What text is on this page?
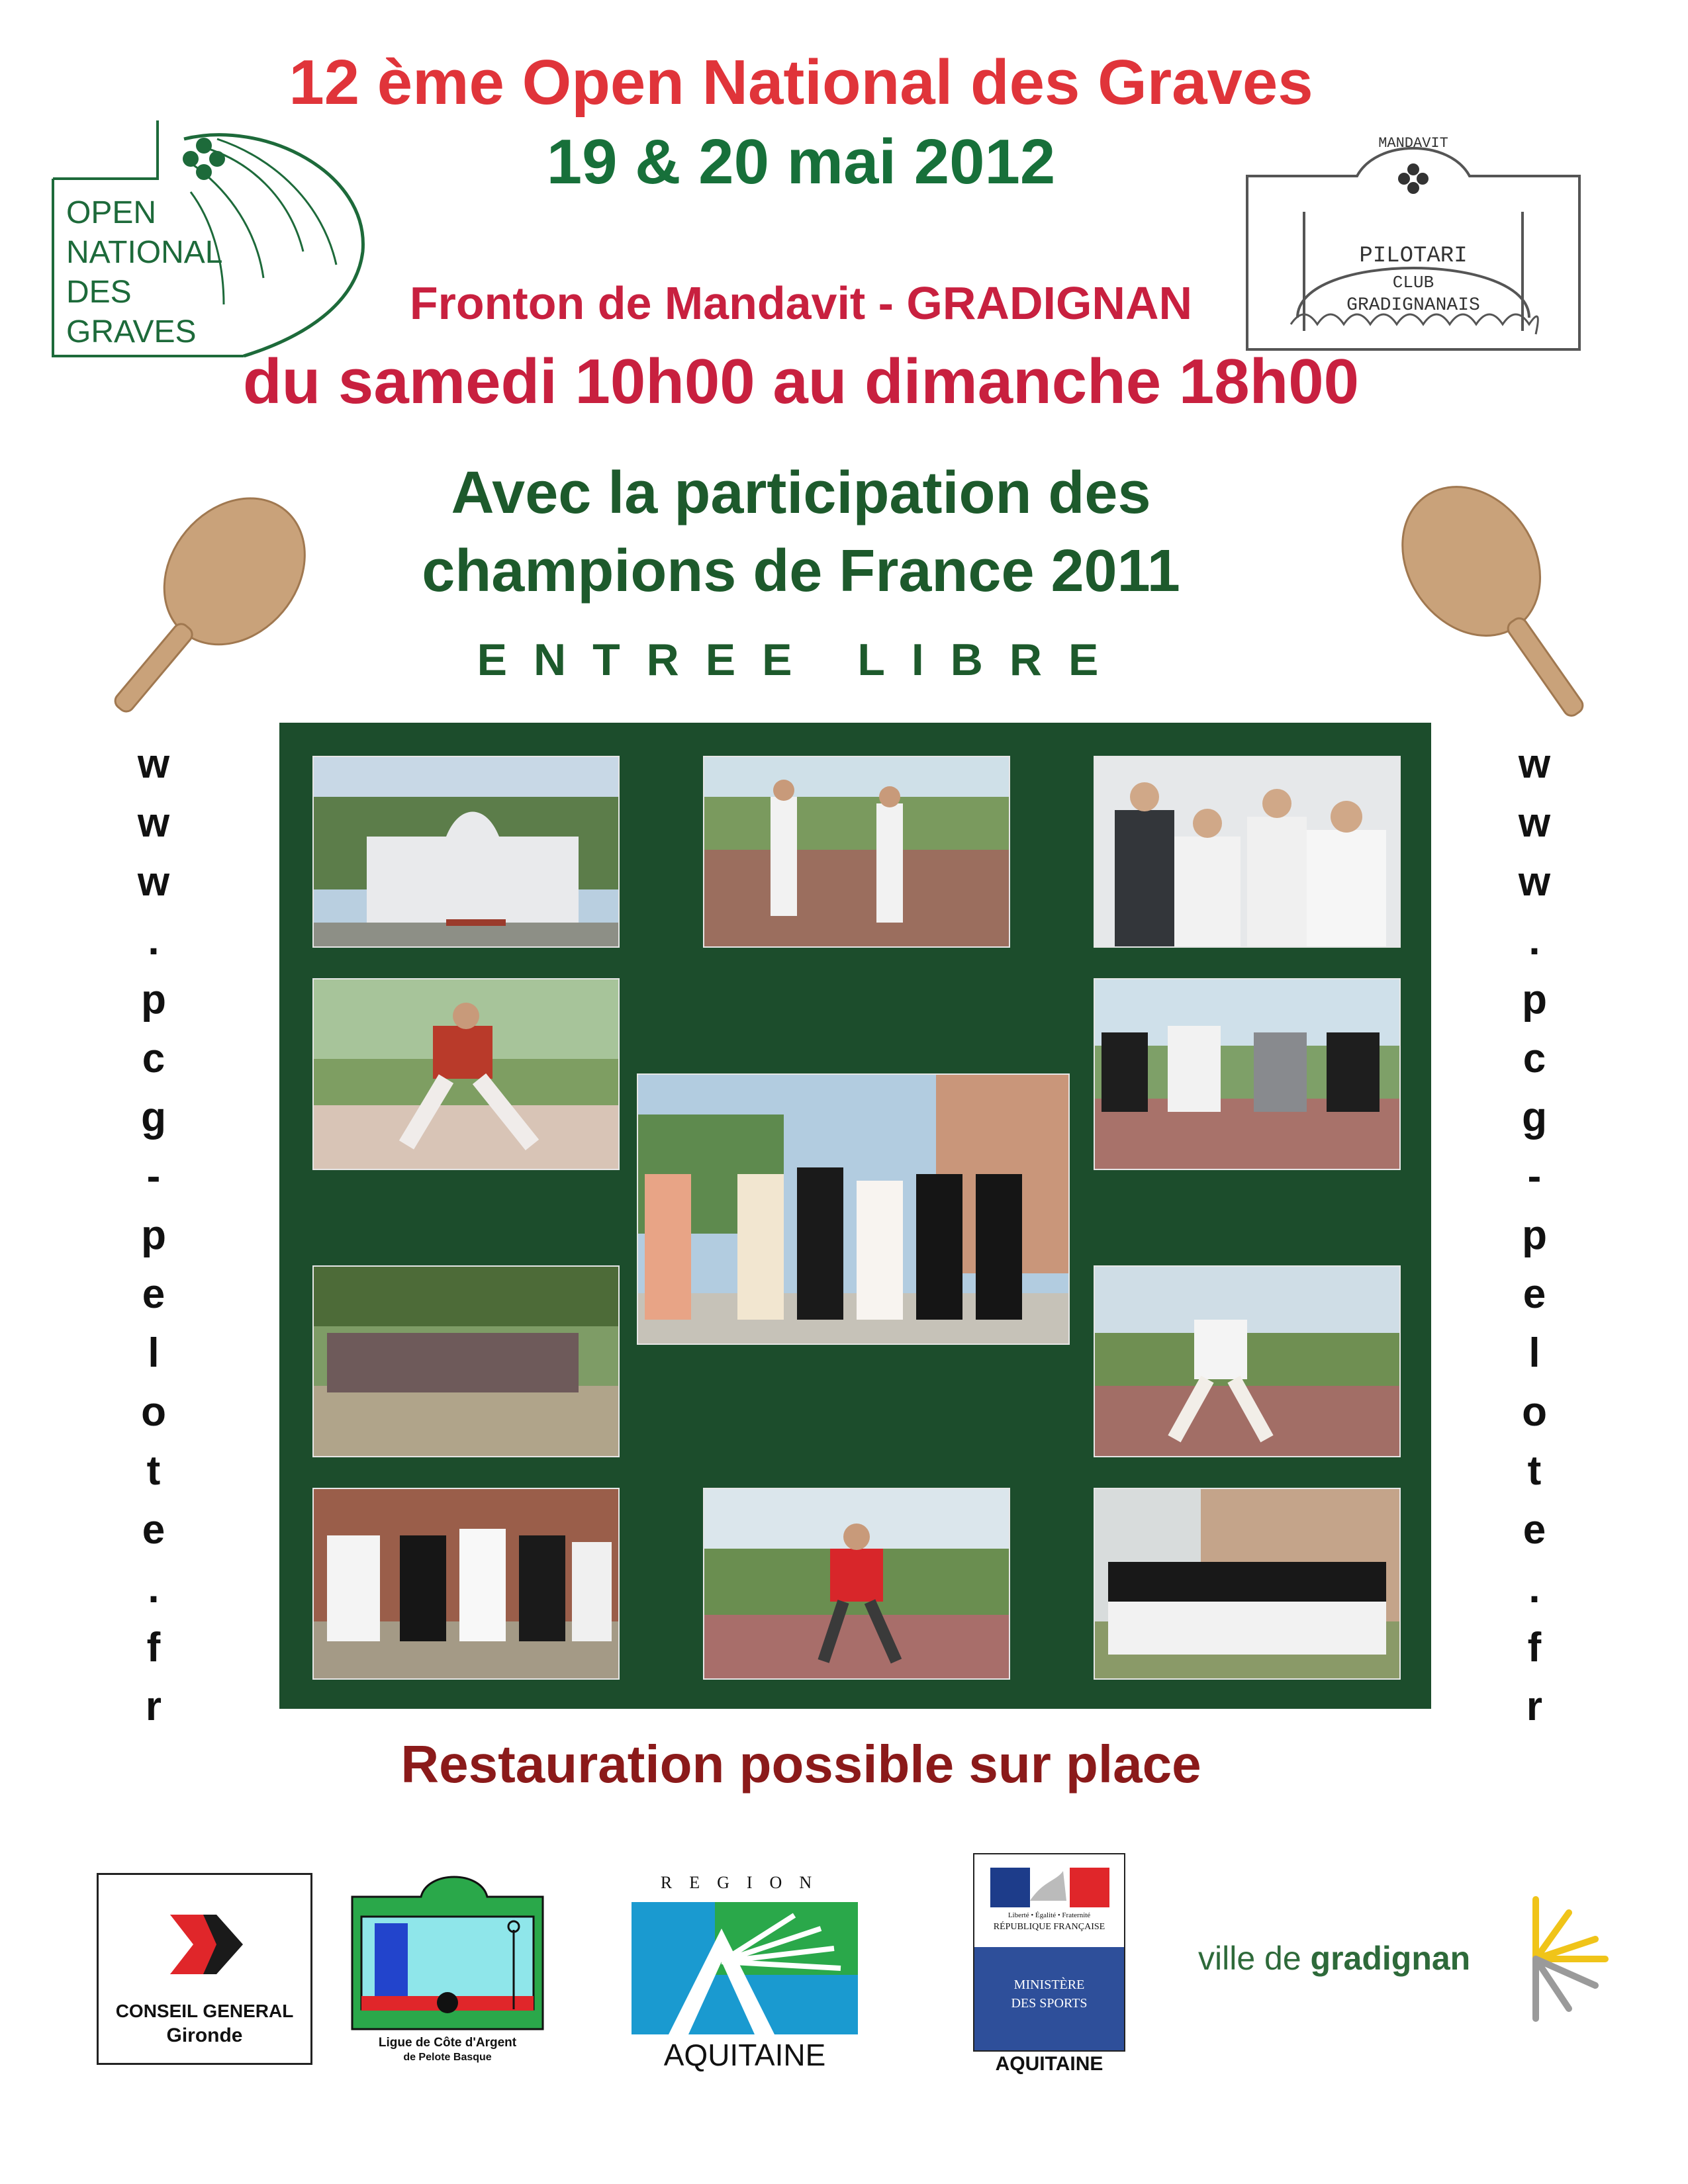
12 ème Open National des Graves
19 & 20 mai 2012
Fronton de Mandavit - GRADIGNAN
du samedi 10h00 au dimanche 18h00
OPEN
NATIONAL
DES
GRAVES
MANDAVIT
PILOTARI
CLUB
GRADIGNANAIS
Avec la participation des
champions de France 2011
ENTREE LIBRE
w
w
w
.
p
c
g
-
p
e
l
o
t
e
.
f
r
w
w
w
.
p
c
g
-
p
e
l
o
t
e
.
f
r
Restauration possible sur place
CONSEIL GENERAL
Gironde	Ligue de Côte d'Argent
de Pelote Basque
REGION
AQUITAINE
Liberté • Égalité • Fraternité
RÉPUBLIQUE FRANÇAISE
MINISTÈRE
DES SPORTS
AQUITAINE
ville de gradignan
